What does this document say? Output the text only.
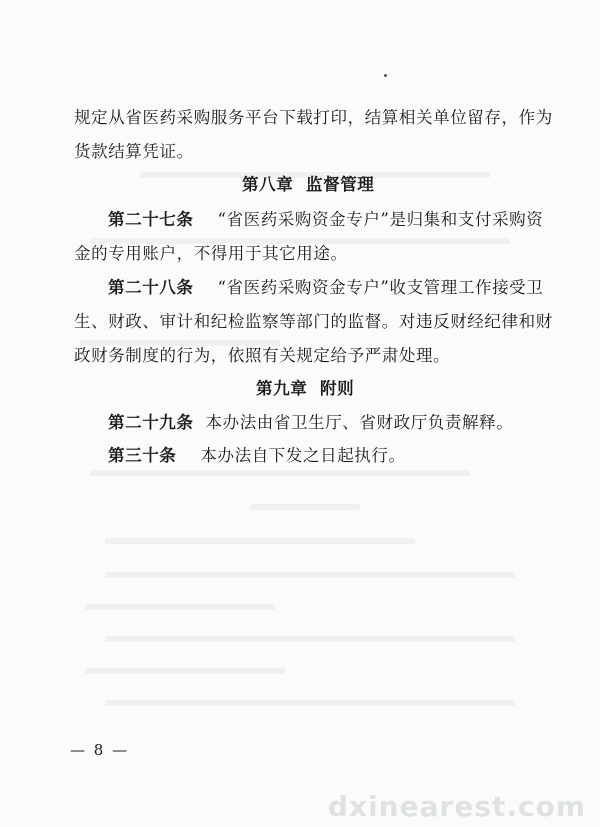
规定从省医药采购服务平台下载打印，结算相关单位留存，作为
货款结算凭证。
第八章  监督管理
第二十七条 “省医药采购资金专户”是归集和支付采购资
金的专用账户，不得用于其它用途。
第二十八条 “省医药采购资金专户”收支管理工作接受卫
生、财政、审计和纪检监察等部门的监督。对违反财经纪律和财
政财务制度的行为，依照有关规定给予严肃处理。
第九章  附则
第二十九条 本办法由省卫生厅、省财政厅负责解释。
第三十条 本办法自下发之日起执行。
— 8 —
dxinearest.com
